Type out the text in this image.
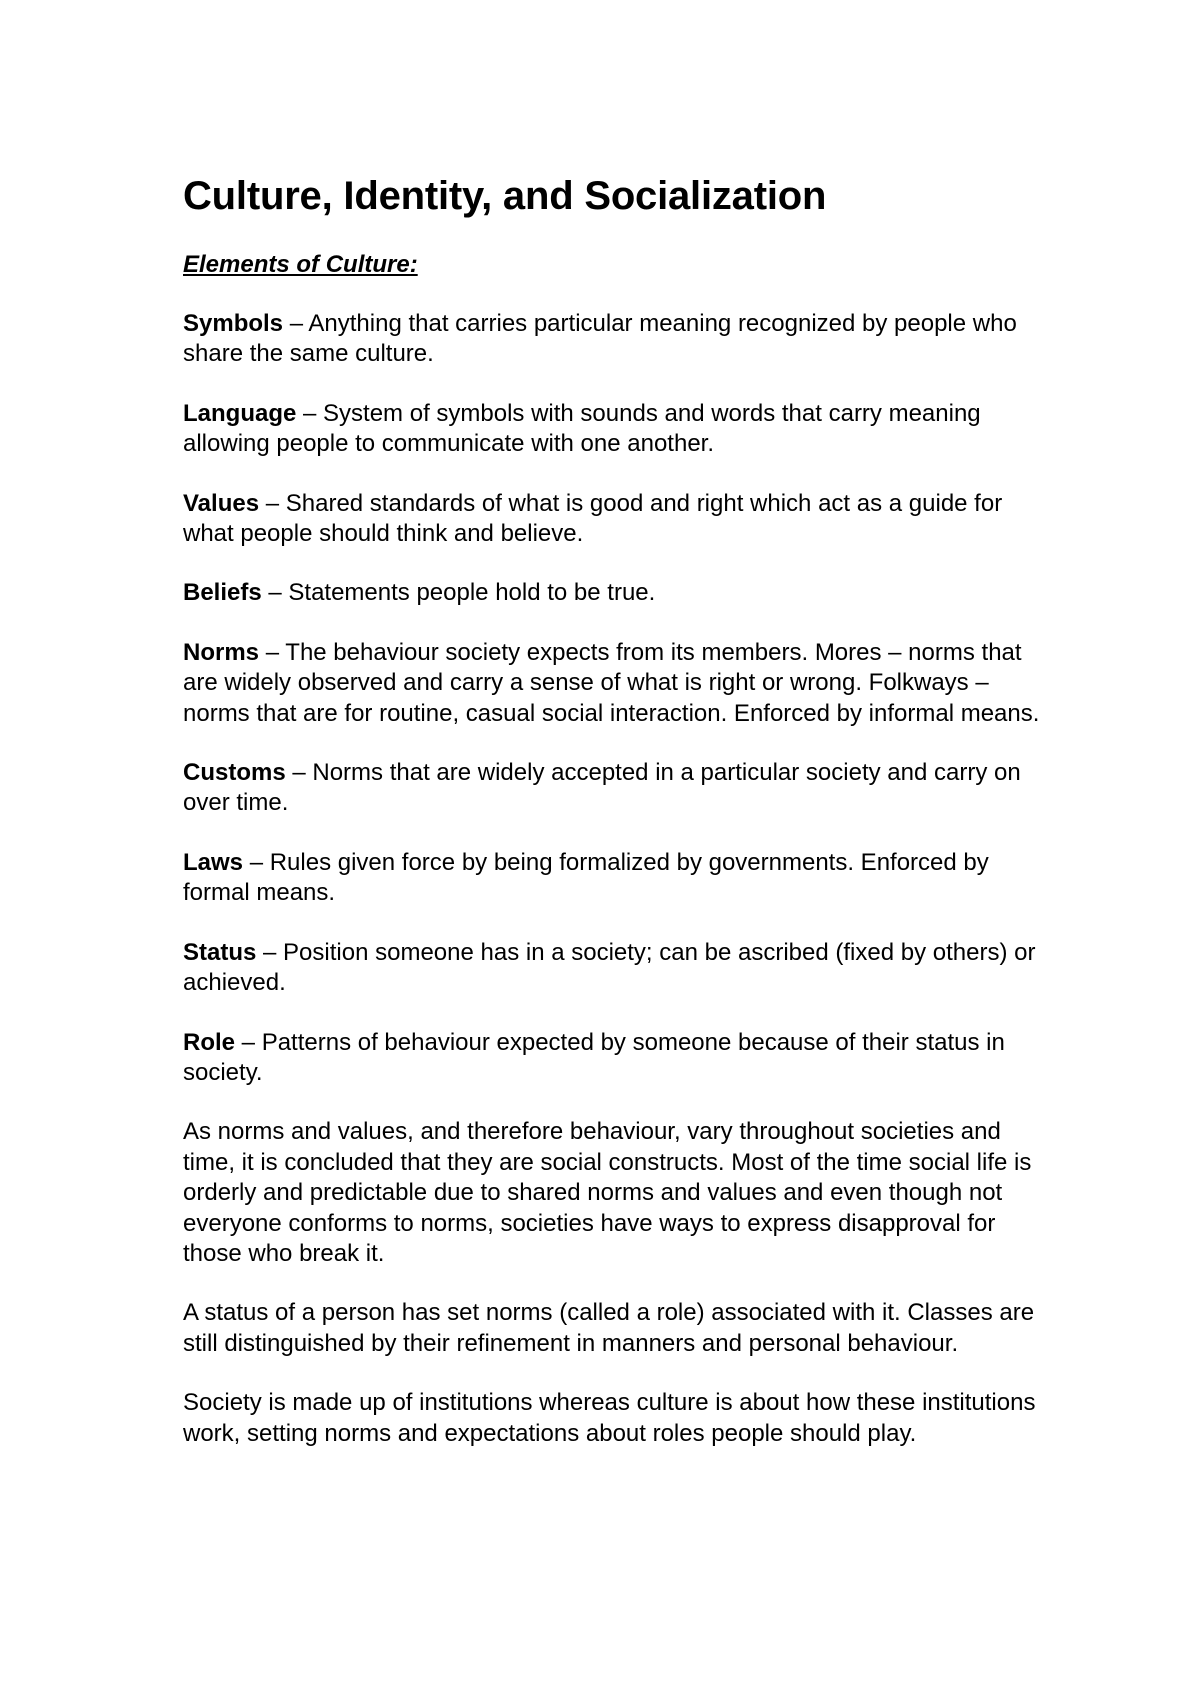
Culture, Identity, and Socialization

Elements of Culture:

Symbols – Anything that carries particular meaning recognized by people who share the same culture.

Language – System of symbols with sounds and words that carry meaning allowing people to communicate with one another.

Values – Shared standards of what is good and right which act as a guide for what people should think and believe.

Beliefs – Statements people hold to be true.

Norms – The behaviour society expects from its members. Mores – norms that are widely observed and carry a sense of what is right or wrong. Folkways – norms that are for routine, casual social interaction. Enforced by informal means.

Customs – Norms that are widely accepted in a particular society and carry on over time.

Laws – Rules given force by being formalized by governments. Enforced by formal means.

Status – Position someone has in a society; can be ascribed (fixed by others) or achieved.

Role – Patterns of behaviour expected by someone because of their status in society.

As norms and values, and therefore behaviour, vary throughout societies and time, it is concluded that they are social constructs. Most of the time social life is orderly and predictable due to shared norms and values and even though not everyone conforms to norms, societies have ways to express disapproval for those who break it.

A status of a person has set norms (called a role) associated with it. Classes are still distinguished by their refinement in manners and personal behaviour.

Society is made up of institutions whereas culture is about how these institutions work, setting norms and expectations about roles people should play.
